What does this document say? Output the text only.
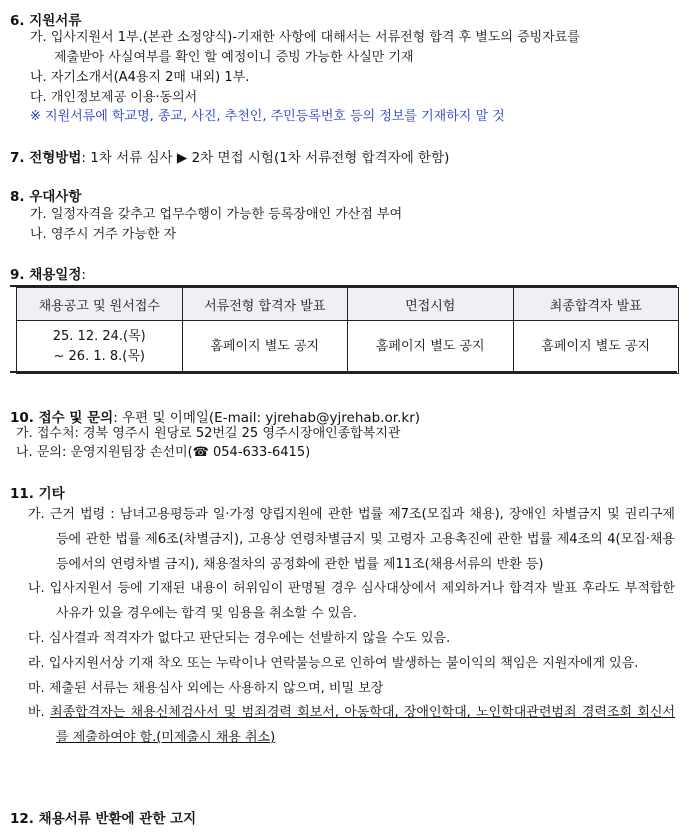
6. 지원서류
가. 입사지원서 1부.(본관 소정양식)-기재한 사항에 대해서는 서류전형 합격 후 별도의 증빙자료를
제출받아 사실여부를 확인 할 예정이니 증빙 가능한 사실만 기재
나. 자기소개서(A4용지 2매 내외) 1부.
다. 개인정보제공 이용·동의서
※ 지원서류에 학교명, 종교, 사진, 추천인, 주민등록번호 등의 정보를 기재하지 말 것
7. 전형방법: 1차 서류 심사 ▶ 2차 면접 시험(1차 서류전형 합격자에 한함)
8. 우대사항
가. 일정자격을 갖추고 업무수행이 가능한 등록장애인 가산점 부여
나. 영주시 거주 가능한 자
9. 채용일정:
채용공고 및 원서접수	서류전형 합격자 발표	면접시험	최종합격자 발표

25. 12. 24.(목)
~ 26. 1. 8.(목)	홈페이지 별도 공지	홈페이지 별도 공지	홈페이지 별도 공지
10. 접수 및 문의: 우편 및 이메일(E-mail: yjrehab@yjrehab.or.kr)
가. 접수처: 경북 영주시 원당로 52번길 25 영주시장애인종합복지관
나. 문의: 운영지원팀장 손선미(☎ 054-633-6415)
11. 기타
가. 근거 법령 : 남녀고용평등과 일·가정 양립지원에 관한 법률 제7조(모집과 채용), 장애인 차별금지 및 권리구제 등에 관한 법률 제6조(차별금지), 고용상 연령차별금지 및 고령자 고용촉진에 관한 법률 제4조의 4(모집·채용 등에서의 연령차별 금지), 채용절차의 공정화에 관한 법률 제11조(채용서류의 반환 등)
나. 입사지원서 등에 기재된 내용이 허위임이 판명될 경우 심사대상에서 제외하거나 합격자 발표 후라도 부적합한 사유가 있을 경우에는 합격 및 임용을 취소할 수 있음.
다. 심사결과 적격자가 없다고 판단되는 경우에는 선발하지 않을 수도 있음.
라. 입사지원서상 기재 착오 또는 누락이나 연락불능으로 인하여 발생하는 불이익의 책임은 지원자에게 있음.
마. 제출된 서류는 채용심사 외에는 사용하지 않으며, 비밀 보장
바. 최종합격자는 채용신체검사서 및 범죄경력 회보서, 아동학대, 장애인학대, 노인학대관련범죄 경력조회 회신서를 제출하여야 함.(미제출시 채용 취소)
12. 채용서류 반환에 관한 고지
